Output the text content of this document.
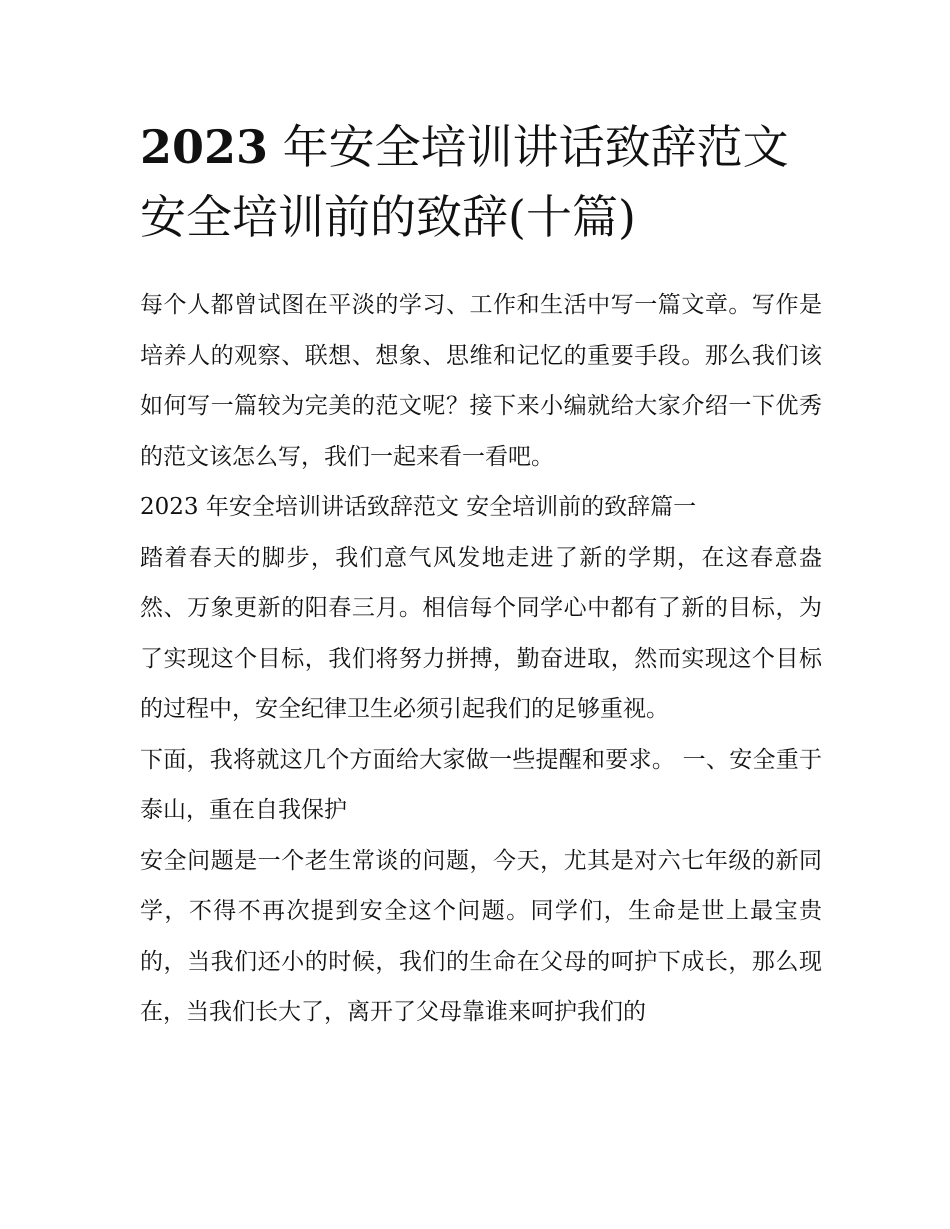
2023 年安全培训讲话致辞范文安全培训前的致辞(十篇)

每个人都曾试图在平淡的学习、工作和生活中写一篇文章。写作是培养人的观察、联想、想象、思维和记忆的重要手段。那么我们该如何写一篇较为完美的范文呢？接下来小编就给大家介绍一下优秀的范文该怎么写，我们一起来看一看吧。

2023 年安全培训讲话致辞范文 安全培训前的致辞篇一

踏着春天的脚步，我们意气风发地走进了新的学期，在这春意盎然、万象更新的阳春三月。相信每个同学心中都有了新的目标，为了实现这个目标，我们将努力拼搏，勤奋进取，然而实现这个目标的过程中，安全纪律卫生必须引起我们的足够重视。

下面，我将就这几个方面给大家做一些提醒和要求。 一、安全重于泰山，重在自我保护

安全问题是一个老生常谈的问题，今天，尤其是对六七年级的新同学，不得不再次提到安全这个问题。同学们，生命是世上最宝贵的，当我们还小的时候，我们的生命在父母的呵护下成长，那么现在，当我们长大了，离开了父母靠谁来呵护我们的
